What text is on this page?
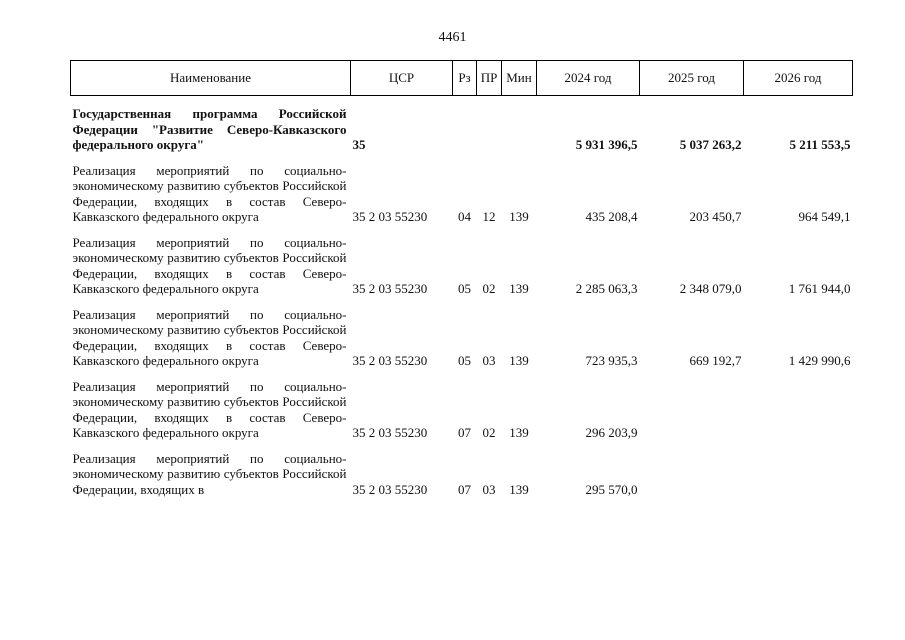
4461
Наименование	ЦСР	Рз	ПР	Мин	2024 год	2025 год	2026 год

Государственная программа Российской Федерации "Развитие Северо-Кавказского федерального округа"	35				5 931 396,5	5 037 263,2	5 211 553,5
Реализация мероприятий по социально-экономическому развитию субъектов Российской Федерации, входящих в состав Северо-Кавказского федерального округа	35 2 03 55230	04	12	139	435 208,4	203 450,7	964 549,1
Реализация мероприятий по социально-экономическому развитию субъектов Российской Федерации, входящих в состав Северо-Кавказского федерального округа	35 2 03 55230	05	02	139	2 285 063,3	2 348 079,0	1 761 944,0
Реализация мероприятий по социально-экономическому развитию субъектов Российской Федерации, входящих в состав Северо-Кавказского федерального округа	35 2 03 55230	05	03	139	723 935,3	669 192,7	1 429 990,6
Реализация мероприятий по социально-экономическому развитию субъектов Российской Федерации, входящих в состав Северо-Кавказского федерального округа	35 2 03 55230	07	02	139	296 203,9		
Реализация мероприятий по социально-экономическому развитию субъектов Российской Федерации, входящих в	35 2 03 55230	07	03	139	295 570,0		
